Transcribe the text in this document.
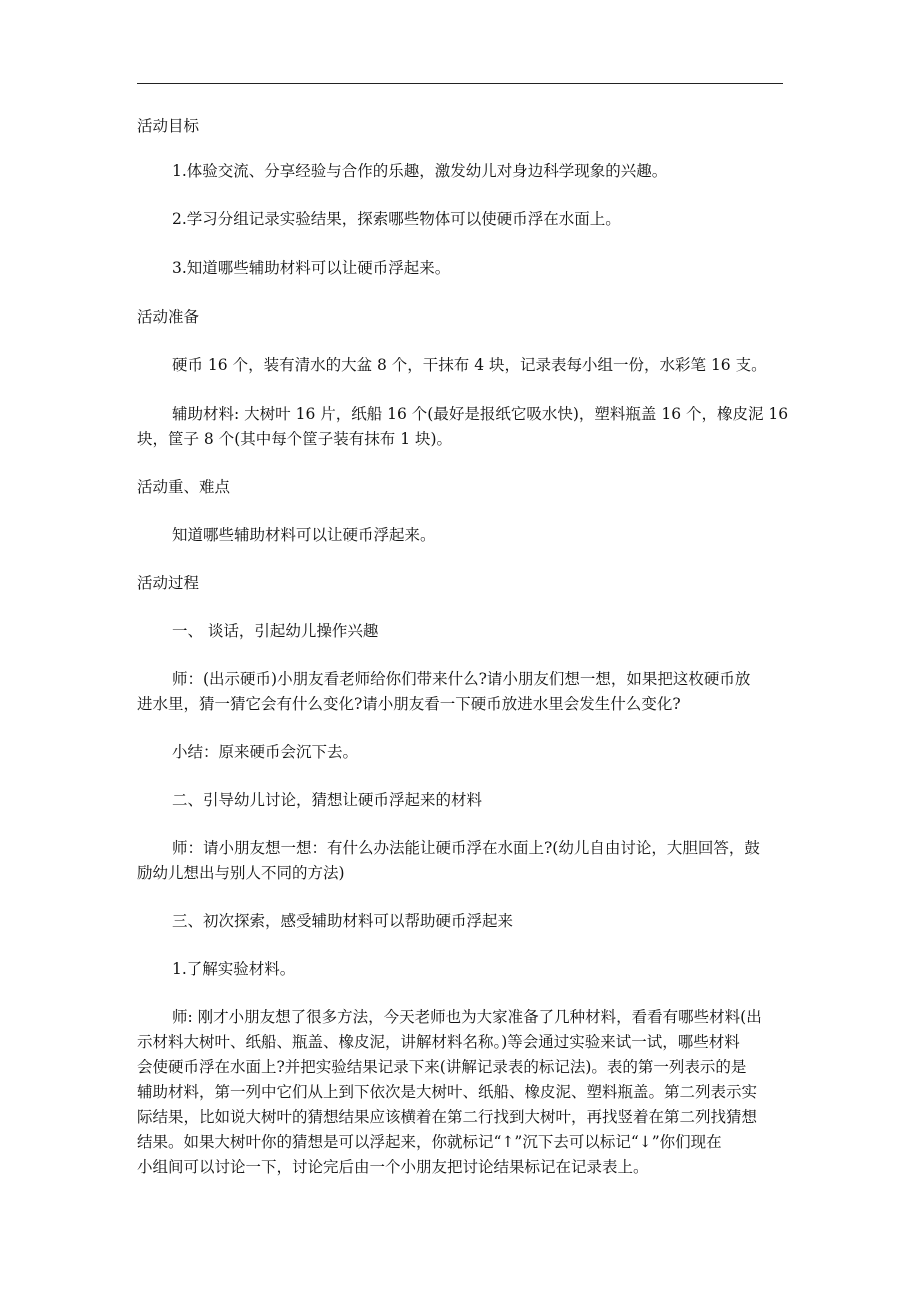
活动目标

1.体验交流、分享经验与合作的乐趣，激发幼儿对身边科学现象的兴趣。

2.学习分组记录实验结果，探索哪些物体可以使硬币浮在水面上。

3.知道哪些辅助材料可以让硬币浮起来。

活动准备

硬币 16 个，装有清水的大盆 8 个，干抹布 4 块，记录表每小组一份，水彩笔 16 支。

辅助材料: 大树叶 16 片，纸船 16 个(最好是报纸它吸水快)，塑料瓶盖 16 个，橡皮泥 16

块，筐子 8 个(其中每个筐子装有抹布 1 块)。

活动重、难点

知道哪些辅助材料可以让硬币浮起来。

活动过程

一、 谈话，引起幼儿操作兴趣

师：(出示硬币)小朋友看老师给你们带来什么?请小朋友们想一想，如果把这枚硬币放

进水里，猜一猜它会有什么变化?请小朋友看一下硬币放进水里会发生什么变化?

小结：原来硬币会沉下去。

二、引导幼儿讨论，猜想让硬币浮起来的材料

师：请小朋友想一想：有什么办法能让硬币浮在水面上?(幼儿自由讨论，大胆回答，鼓

励幼儿想出与别人不同的方法)

三、初次探索，感受辅助材料可以帮助硬币浮起来

1.了解实验材料。

师: 刚才小朋友想了很多方法，今天老师也为大家准备了几种材料，看看有哪些材料(出

示材料大树叶、纸船、瓶盖、橡皮泥，讲解材料名称。)等会通过实验来试一试，哪些材料

会使硬币浮在水面上?并把实验结果记录下来(讲解记录表的标记法)。表的第一列表示的是

辅助材料，第一列中它们从上到下依次是大树叶、纸船、橡皮泥、塑料瓶盖。第二列表示实

际结果，比如说大树叶的猜想结果应该横着在第二行找到大树叶，再找竖着在第二列找猜想

结果。如果大树叶你的猜想是可以浮起来，你就标记“↑”沉下去可以标记“↓”你们现在

小组间可以讨论一下，讨论完后由一个小朋友把讨论结果标记在记录表上。
